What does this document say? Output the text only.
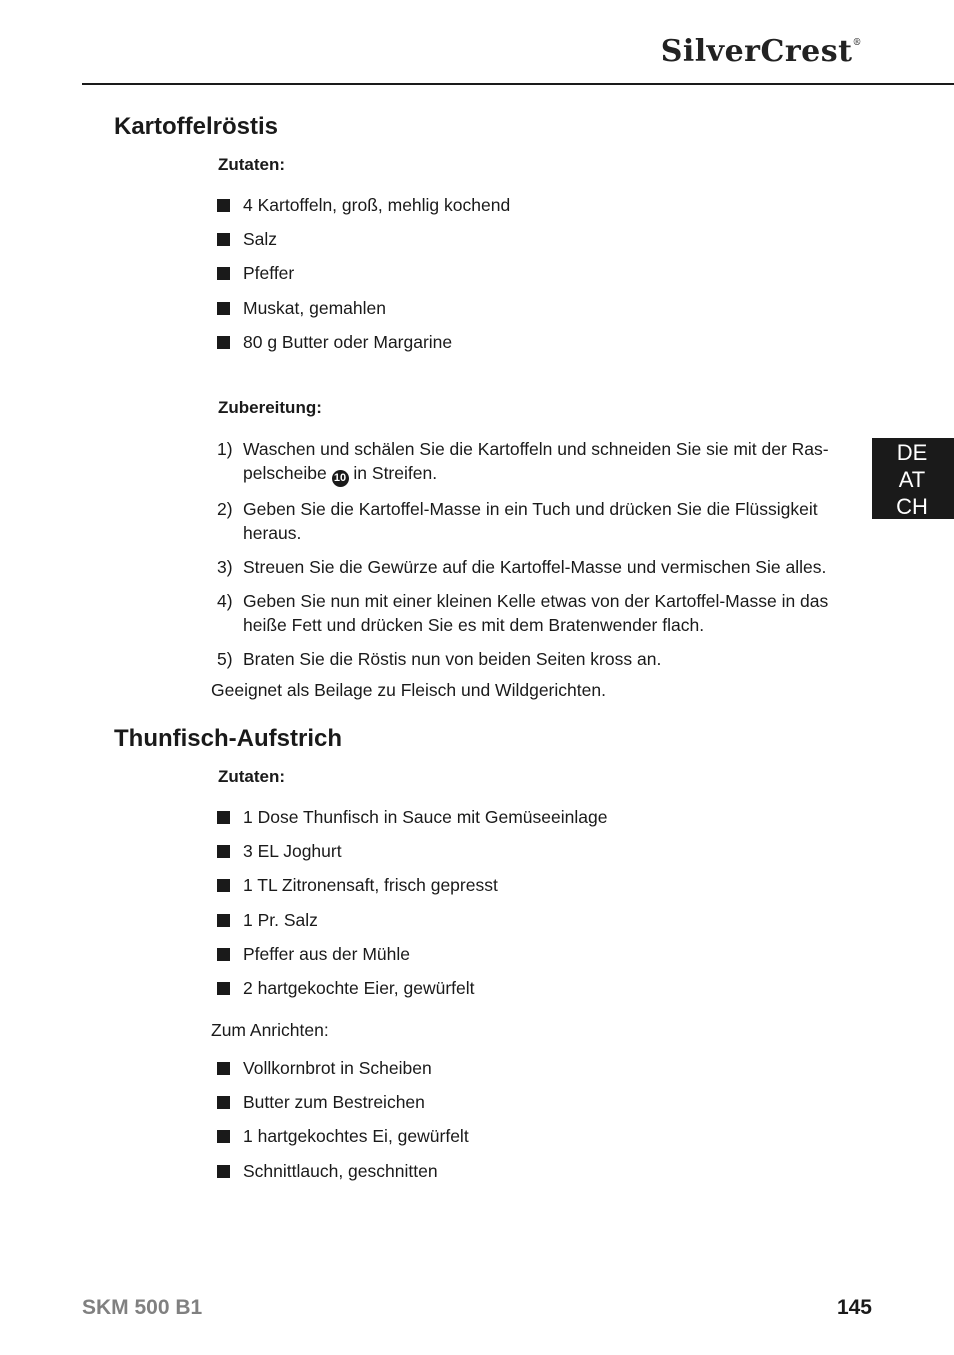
SilverCrest®
DE
AT
CH
Kartoffelröstis
Zutaten:
4 Kartoffeln, groß, mehlig kochend
Salz
Pfeffer
Muskat, gemahlen
80 g Butter oder Margarine
Zubereitung:
1) Waschen und schälen Sie die Kartoffeln und schneiden Sie sie mit der Raspelscheibe 10 in Streifen.
2) Geben Sie die Kartoffel-Masse in ein Tuch und drücken Sie die Flüssigkeit heraus.
3) Streuen Sie die Gewürze auf die Kartoffel-Masse und vermischen Sie alles.
4) Geben Sie nun mit einer kleinen Kelle etwas von der Kartoffel-Masse in das heiße Fett und drücken Sie es mit dem Bratenwender flach.
5) Braten Sie die Röstis nun von beiden Seiten kross an.

Geeignet als Beilage zu Fleisch und Wildgerichten.

Thunfisch-Aufstrich
Zutaten:
1 Dose Thunfisch in Sauce mit Gemüseeinlage
3 EL Joghurt
1 TL Zitronensaft, frisch gepresst
1 Pr. Salz
Pfeffer aus der Mühle
2 hartgekochte Eier, gewürfelt

Zum Anrichten:

Vollkornbrot in Scheiben
Butter zum Bestreichen
1 hartgekochtes Ei, gewürfelt
Schnittlauch, geschnitten
SKM 500 B1	145
